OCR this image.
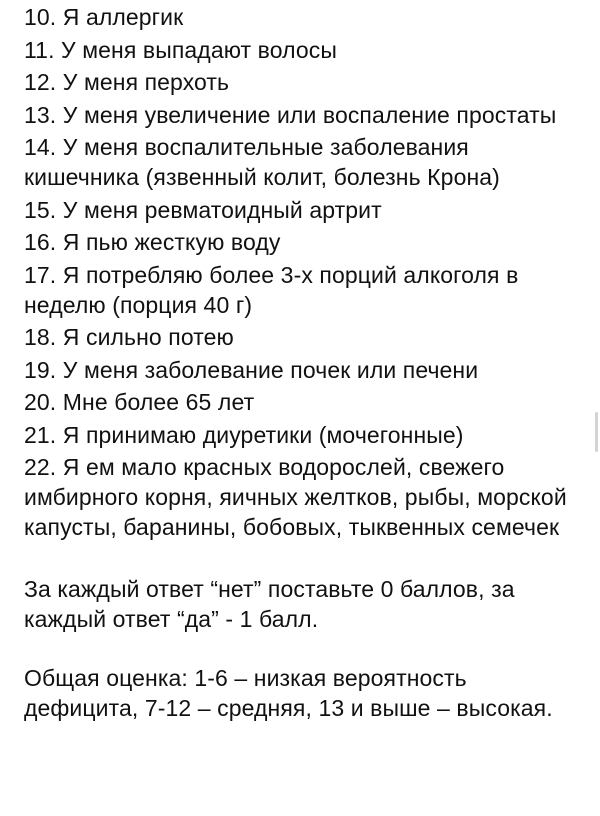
10. Я аллергик
11. У меня выпадают волосы
12. У меня перхоть
13. У меня увеличение или воспаление простаты
14. У меня воспалительные заболевания кишечника (язвенный колит, болезнь Крона)
15. У меня ревматоидный артрит
16. Я пью жесткую воду
17. Я потребляю более 3-х порций алкоголя в неделю (порция 40 г)
18. Я сильно потею
19. У меня заболевание почек или печени
20. Мне более 65 лет
21. Я принимаю диуретики (мочегонные)
22. Я ем мало красных водорослей, свежего имбирного корня, яичных желтков, рыбы, морской капусты, баранины, бобовых, тыквенных семечек

За каждый ответ “нет” поставьте 0 баллов, за каждый ответ “да” - 1 балл.

Общая оценка: 1-6 – низкая вероятность дефицита, 7-12 – средняя, 13 и выше – высокая.
